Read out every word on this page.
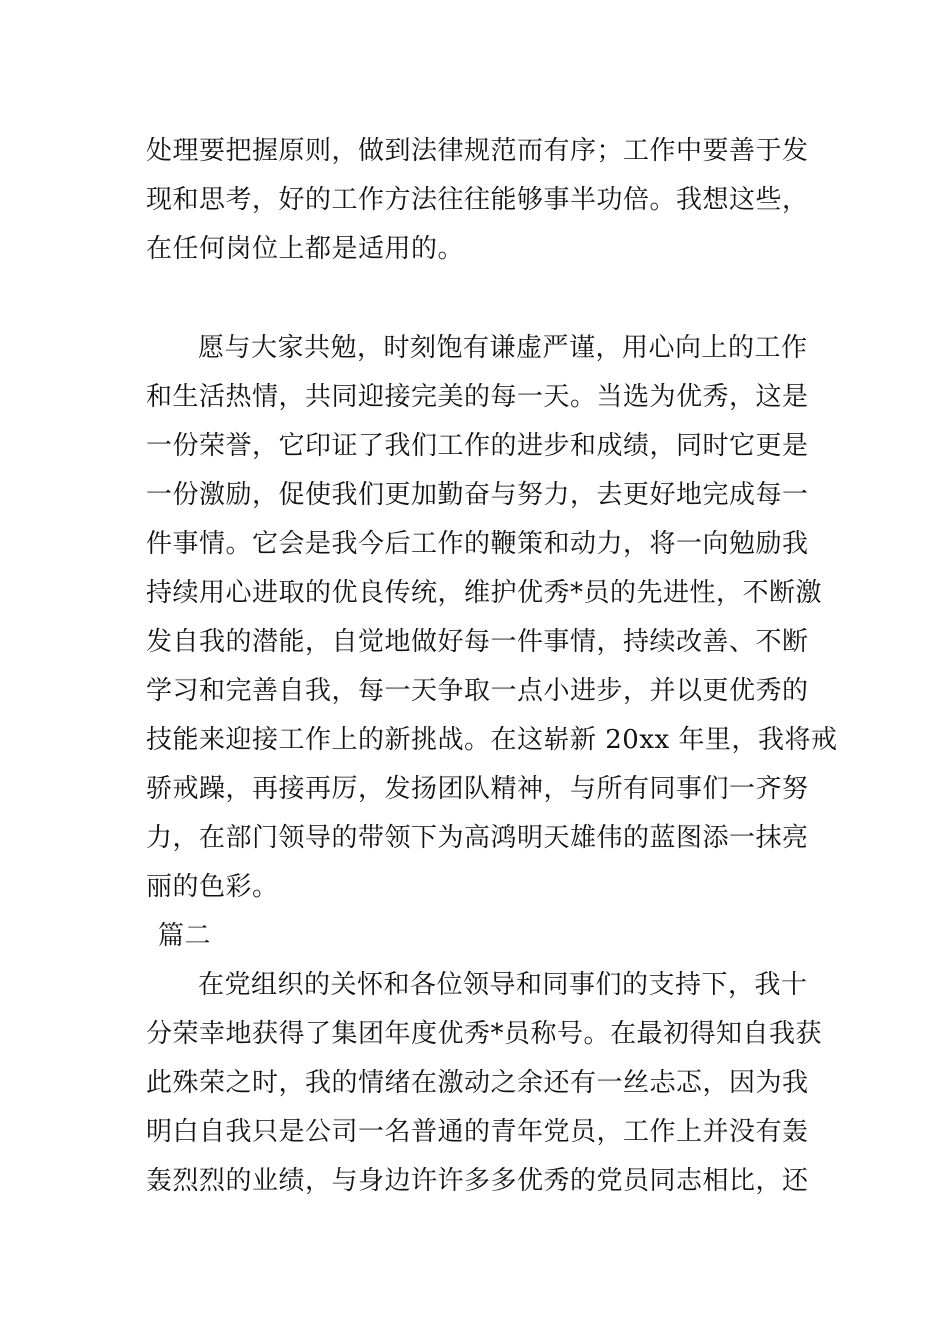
处理要把握原则，做到法律规范而有序；工作中要善于发
现和思考，好的工作方法往往能够事半功倍。我想这些，
在任何岗位上都是适用的。
愿与大家共勉，时刻饱有谦虚严谨，用心向上的工作
和生活热情，共同迎接完美的每一天。当选为优秀，这是
一份荣誉，它印证了我们工作的进步和成绩，同时它更是
一份激励，促使我们更加勤奋与努力，去更好地完成每一
件事情。它会是我今后工作的鞭策和动力，将一向勉励我
持续用心进取的优良传统，维护优秀*员的先进性，不断激
发自我的潜能，自觉地做好每一件事情，持续改善、不断
学习和完善自我，每一天争取一点小进步，并以更优秀的
技能来迎接工作上的新挑战。在这崭新 20xx 年里，我将戒
骄戒躁，再接再厉，发扬团队精神，与所有同事们一齐努
力，在部门领导的带领下为高鸿明天雄伟的蓝图添一抹亮
丽的色彩。
篇二
在党组织的关怀和各位领导和同事们的支持下，我十
分荣幸地获得了集团年度优秀*员称号。在最初得知自我获
此殊荣之时，我的情绪在激动之余还有一丝忐忑，因为我
明白自我只是公司一名普通的青年党员，工作上并没有轰
轰烈烈的业绩，与身边许许多多优秀的党员同志相比，还
